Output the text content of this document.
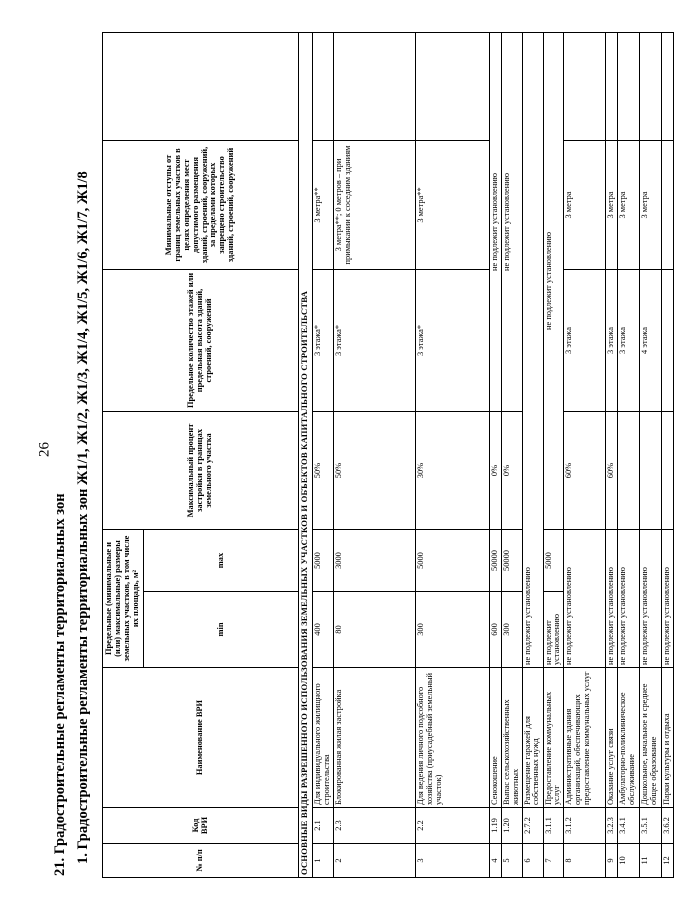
26
21. Градостроительные регламенты территориальных зон 1. Градостроительные регламенты территориальных зон Ж1/1, Ж1/2, Ж1/3, Ж1/4, Ж1/5, Ж1/6, Ж1/7, Ж1/8	№ п/п	Код ВРИ	Наименование ВРИ	Предельные (минимальные и (или) максимальные) размеры земельных участков, в том числе их площадь, м²		Максимальный процент застройки в границах земельного участка	Предельное количество этажей или предельная высота зданий, строений, сооружений	Минимальные отступы от границ земельных участков в целях определения мест допустимого размещения зданий, строений, сооружений, за пределами которых запрещено строительство зданий, строений, сооружений	
			min	max				
ОСНОВНЫЕ ВИДЫ РАЗРЕШЕННОГО ИСПОЛЬЗОВАНИЯ ЗЕМЕЛЬНЫХ УЧАСТКОВ И ОБЪЕКТОВ КАПИТАЛЬНОГО СТРОИТЕЛЬСТВА								
1	2.1	Для индивидуального жилищного строительства	400	5000	50%	3 этажа*	3 метра**	
2	2.3	Блокированная жилая застройка	80	3000	50%	3 этажа*	3 метра**; 0 метров – при примыкании к соседним зданиям	
3	2.2	Для ведения личного подсобного хозяйства (приусадебный земельный участок)	300	5000	30%	3 этажа*	3 метра**	
4	1.19	Сенокошение	600	50000	0%	не подлежит установлению		
5	1.20	Выпас сельскохозяйственных животных	300	50000	0%	не подлежит установлению		
6	2.7.2	Размещение гаражей для собственных нужд	не подлежит установлению					
7	3.1.1	Предоставление коммунальных услуг	не подлежит установлению	5000	не подлежит установлению			
8	3.1.2	Административные здания организаций, обеспечивающих предоставление коммунальных услуг	не подлежит установлению		60%	3 этажа	3 метра	
9	3.2.3	Оказание услуг связи	не подлежит установлению		60%	3 этажа	3 метра	
10	3.4.1	Амбулаторно-поликлиническое обслуживание	не подлежит установлению			3 этажа	3 метра	
11	3.5.1	Дошкольное, начальное и среднее общее образование	не подлежит установлению			4 этажа	3 метра	
12	3.6.2	Парки культуры и отдыха	не подлежит установлению					
